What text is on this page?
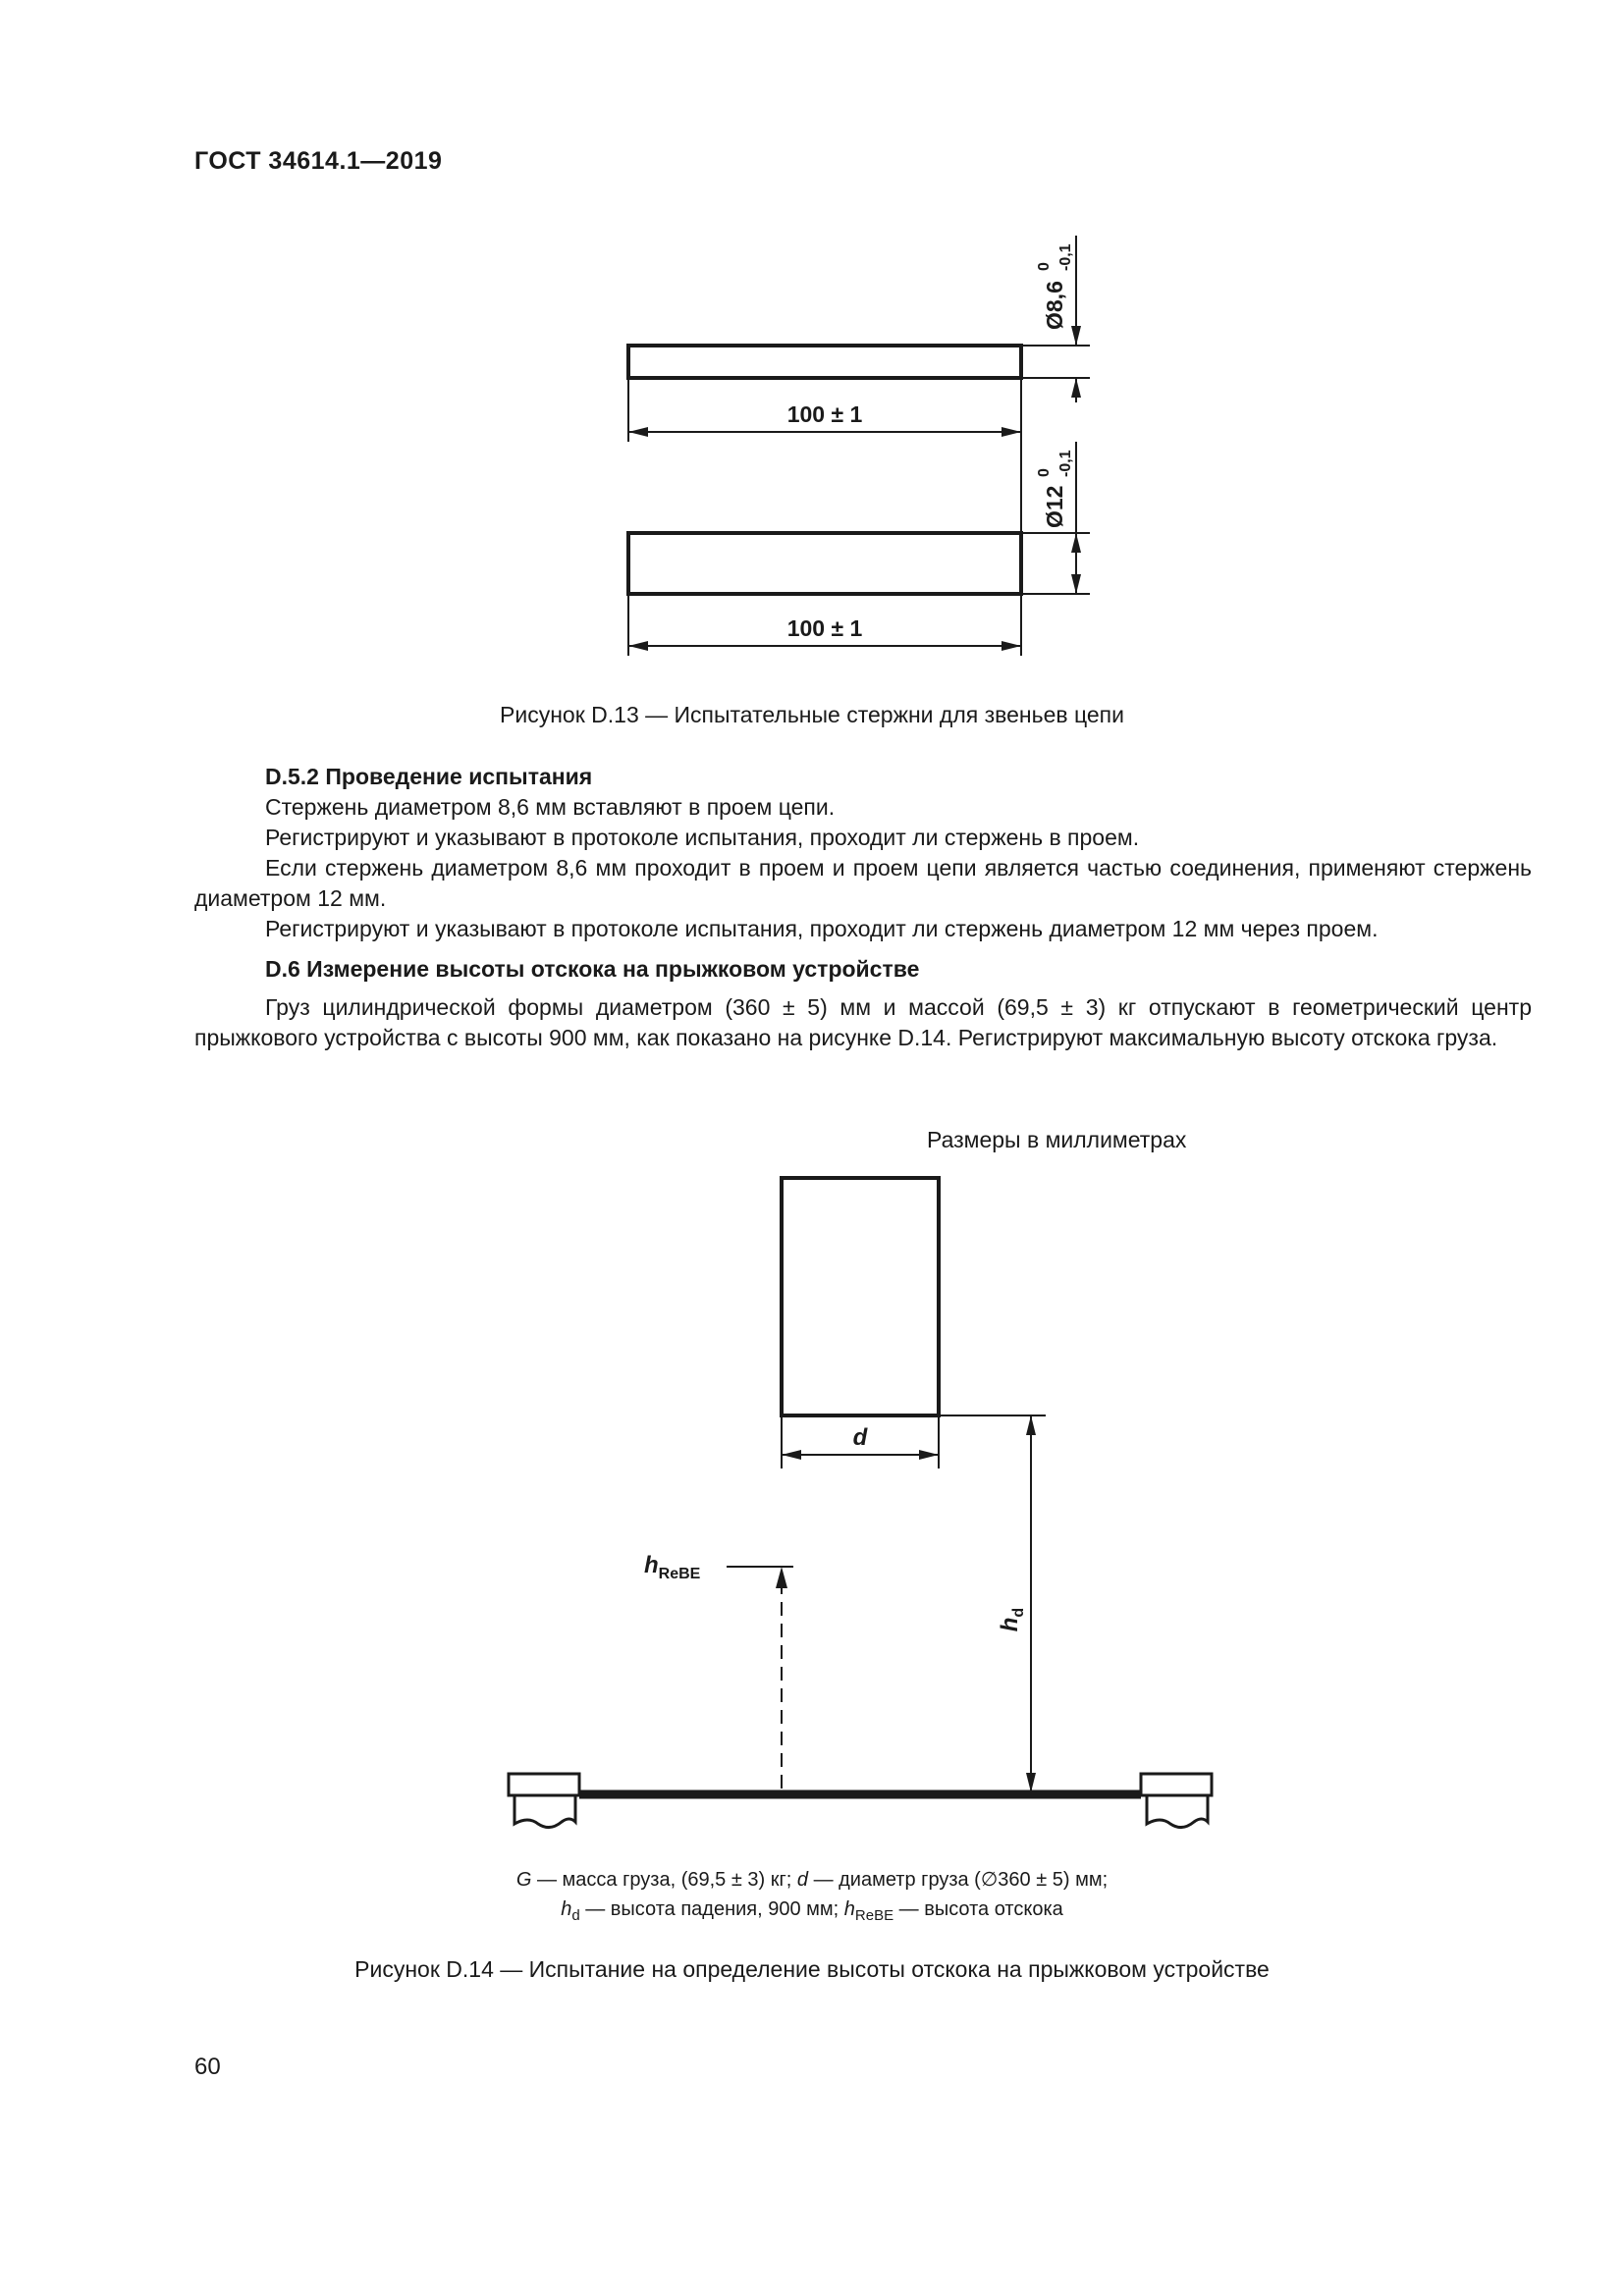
ГОСТ 34614.1—2019
Ø8,6
0 -0,1
Ø12
0 -0,1
100 ± 1
100 ± 1
Рисунок D.13 — Испытательные стержни для звеньев цепи

D.5.2 Проведение испытания

Стержень диаметром 8,6 мм вставляют в проем цепи.

Регистрируют и указывают в протоколе испытания, проходит ли стержень в проем.

Если стержень диаметром 8,6 мм проходит в проем и проем цепи является частью соединения, применяют стержень диаметром 12 мм.

Регистрируют и указывают в протоколе испытания, проходит ли стержень диаметром 12 мм через проем.

D.6 Измерение высоты отскока на прыжковом устройстве

Груз цилиндрической формы диаметром (360 ± 5) мм и массой (69,5 ± 3) кг отпускают в геометрический центр прыжкового устройства с высоты 900 мм, как показано на рисунке D.14. Регистрируют максимальную высоту отскока груза.

Размеры в миллиметрах
d
$h_d$
$h_{ReBE}$
G — масса груза, (69,5 ± 3) кг; d — диаметр груза (∅360 ± 5) мм;
$h_d$ — высота падения, 900 мм; $h_{ReBE}$ — высота отскока
Рисунок D.14 — Испытание на определение высоты отскока на прыжковом устройстве
60
